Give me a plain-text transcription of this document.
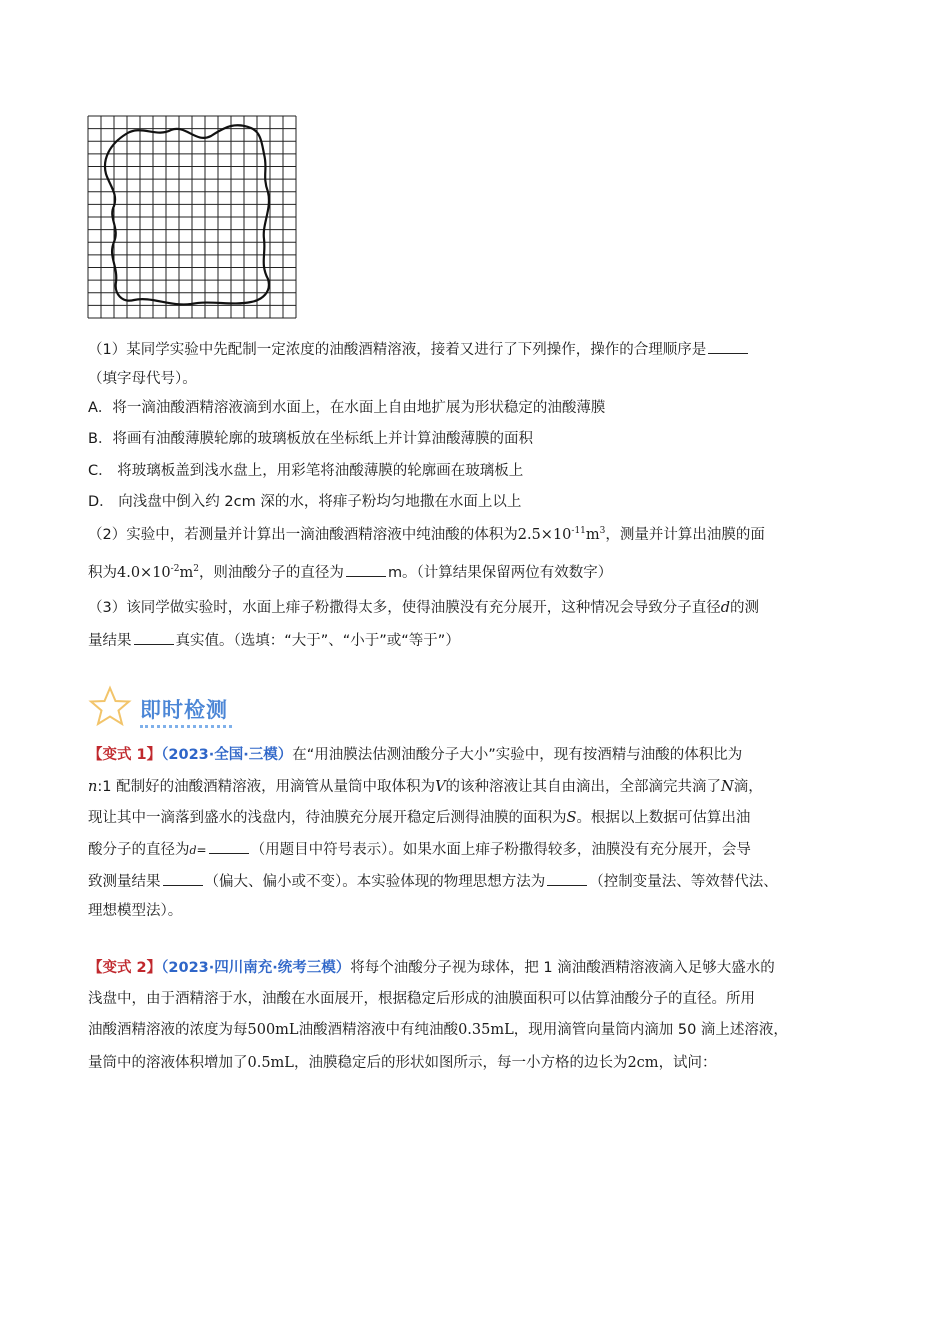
（1）某同学实验中先配制一定浓度的油酸酒精溶液，接着又进行了下列操作，操作的合理顺序是
（填字母代号）。
A．将一滴油酸酒精溶液滴到水面上，在水面上自由地扩展为形状稳定的油酸薄膜
B．将画有油酸薄膜轮廓的玻璃板放在坐标纸上并计算油酸薄膜的面积
C． 将玻璃板盖到浅水盘上，用彩笔将油酸薄膜的轮廓画在玻璃板上
D． 向浅盘中倒入约 2cm 深的水，将痱子粉均匀地撒在水面上以上
（2）实验中，若测量并计算出一滴油酸酒精溶液中纯油酸的体积为$2.5\times 10^{-11}m^3$，测量并计算出油膜的面
积为$4.0\times 10^{-2}m^2$，则油酸分子的直径为	m。（计算结果保留两位有效数字）
（3）该同学做实验时，水面上痱子粉撒得太多，使得油膜没有充分展开，这种情况会导致分子直径d的测
量结果	真实值。（选填：“大于”、“小于”或“等于”）
即时检测
【变式 1】（2023·全国·三模）在“用油膜法估测油酸分子大小”实验中，现有按酒精与油酸的体积比为
n:1 配制好的油酸酒精溶液，用滴管从量筒中取体积为V的该种溶液让其自由滴出，全部滴完共滴了N滴，
现让其中一滴落到盛水的浅盘内，待油膜充分展开稳定后测得油膜的面积为S。根据以上数据可估算出油
酸分子的直径为d=	（用题目中符号表示）。如果水面上痱子粉撒得较多，油膜没有充分展开，会导
致测量结果	（偏大、偏小或不变）。本实验体现的物理思想方法为	（控制变量法、等效替代法、
理想模型法）。
【变式 2】（2023·四川南充·统考三模）将每个油酸分子视为球体，把 1 滴油酸酒精溶液滴入足够大盛水的
浅盘中，由于酒精溶于水，油酸在水面展开，根据稳定后形成的油膜面积可以估算油酸分子的直径。所用
油酸酒精溶液的浓度为每500mL油酸酒精溶液中有纯油酸0.35mL，现用滴管向量筒内滴加 50 滴上述溶液，
量筒中的溶液体积增加了0.5mL，油膜稳定后的形状如图所示，每一小方格的边长为2cm，试问：
